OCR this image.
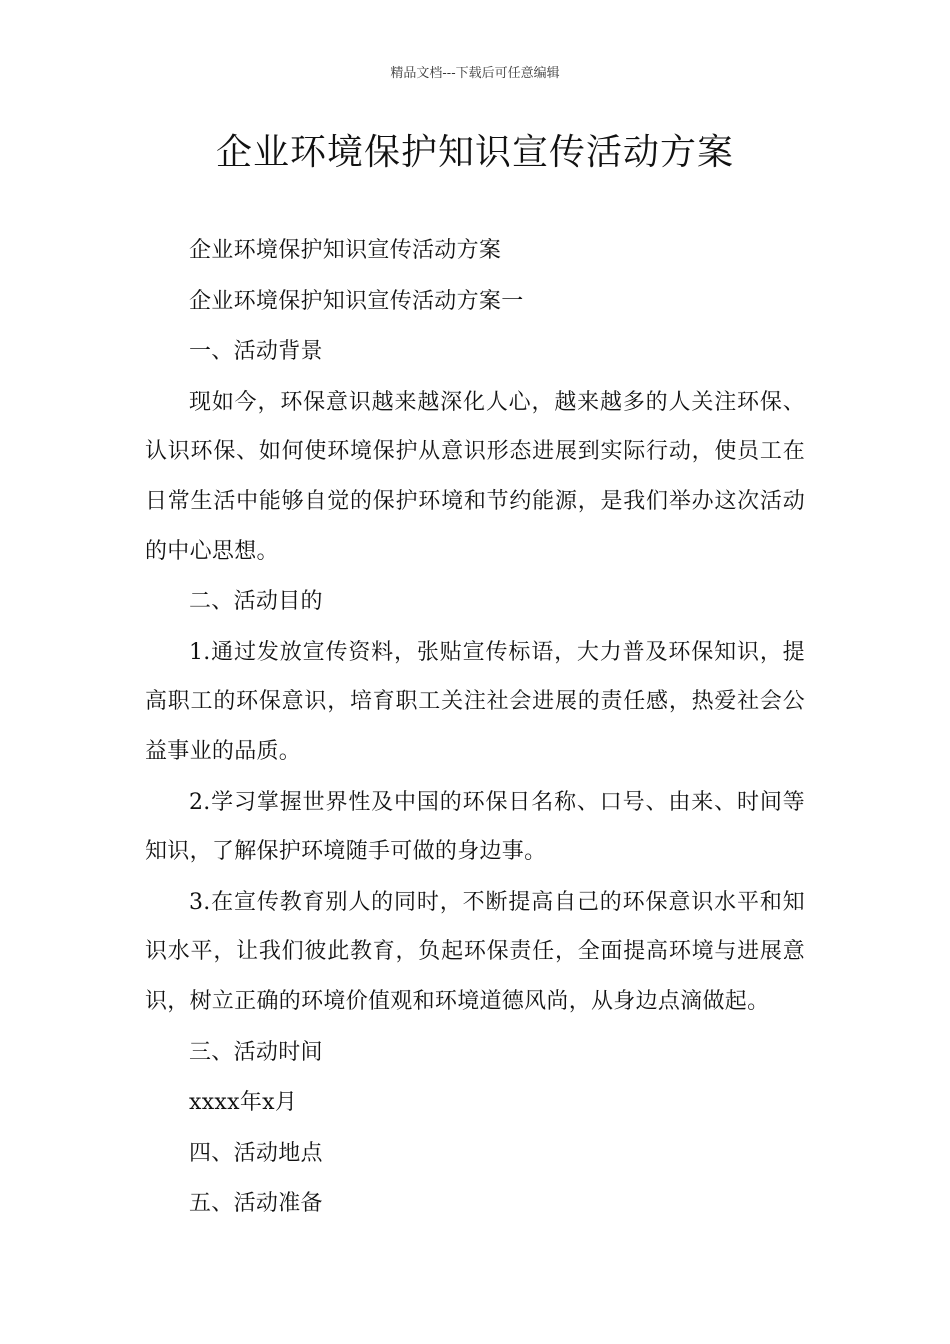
精品文档---下载后可任意编辑
企业环境保护知识宣传活动方案

企业环境保护知识宣传活动方案

企业环境保护知识宣传活动方案一

一、活动背景

现如今，环保意识越来越深化人心，越来越多的人关注环保、认识环保、如何使环境保护从意识形态进展到实际行动，使员工在日常生活中能够自觉的保护环境和节约能源，是我们举办这次活动的中心思想。

二、活动目的

1.通过发放宣传资料，张贴宣传标语，大力普及环保知识，提高职工的环保意识，培育职工关注社会进展的责任感，热爱社会公益事业的品质。

2.学习掌握世界性及中国的环保日名称、口号、由来、时间等知识，了解保护环境随手可做的身边事。

3.在宣传教育别人的同时，不断提高自己的环保意识水平和知识水平，让我们彼此教育，负起环保责任，全面提高环境与进展意识，树立正确的环境价值观和环境道德风尚，从身边点滴做起。

三、活动时间

xxxx年x月

四、活动地点

五、活动准备
